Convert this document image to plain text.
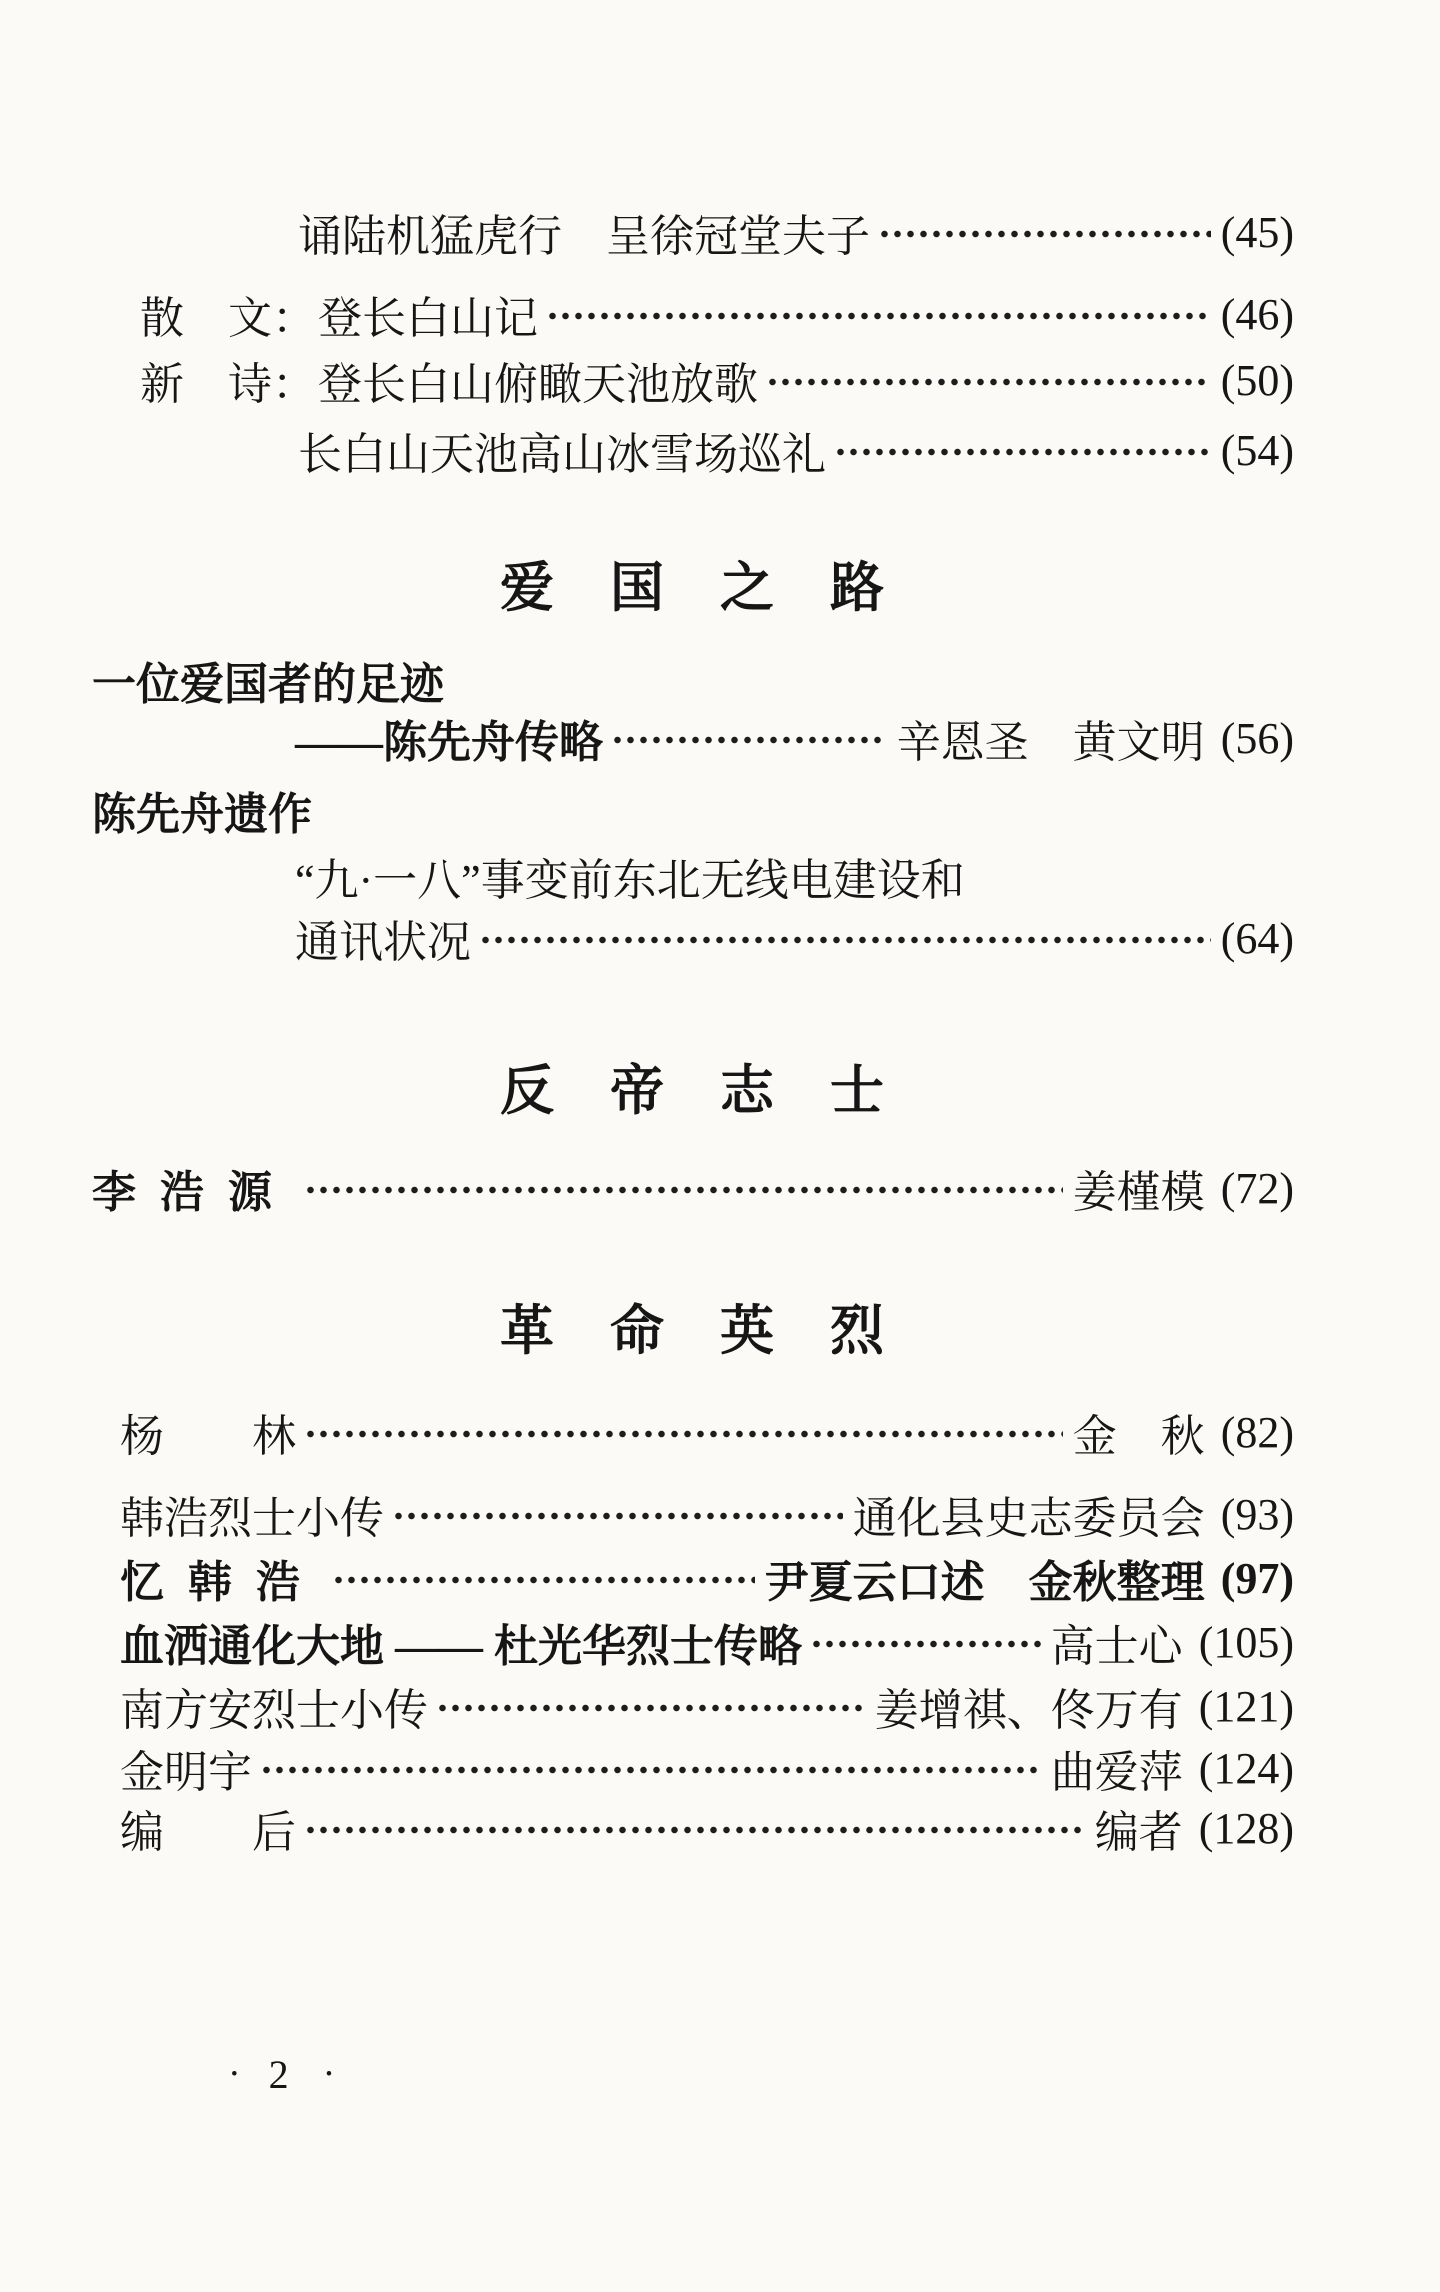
诵陆机猛虎行　呈徐冠堂夫子	(45)
散　文： 登长白山记	(46)
新　诗： 登长白山俯瞰天池放歌	(50)
长白山天池高山冰雪场巡礼	(54)
爱国之路
一位爱国者的足迹
——陈先舟传略	辛恩圣　黄文明 (56)
陈先舟遗作
“九·一八”事变前东北无线电建设和
通讯状况	(64)
反帝志士
李浩源	姜槿模 (72)
革命英烈
杨　　林	金　秋 (82)
韩浩烈士小传	通化县史志委员会 (93)
忆韩浩	尹夏云口述　金秋整理 (97)
血洒通化大地 —— 杜光华烈士传略	高士心 (105)
南方安烈士小传	姜增祺、佟万有 (121)
金明宇	曲爱萍 (124)
编　　后	编者 (128)
· 2 ·
